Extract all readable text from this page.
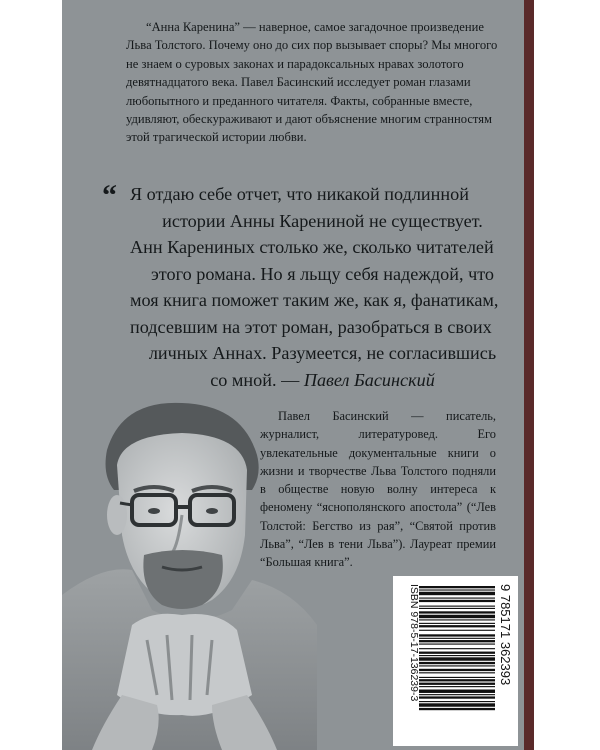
“Анна Каренина” — наверное, самое загадочное произведение Льва Толстого. Почему оно до сих пор вызывает споры? Мы многого не знаем о суровых законах и парадоксальных нравах золотого девятнадцатого века. Павел Басинский исследует роман глазами любопытного и преданного читателя. Факты, собранные вместе, удивляют, обескураживают и дают объяснение многим странностям этой трагической истории любви.

“ Я отдаю себе отчет, что никакой подлинной
истории Анны Карениной не существует.
Анн Карениных столько же, сколько читателей
этого романа. Но я льщу себя надеждой, что
моя книга поможет таким же, как я, фанатикам,
подсевшим на этот роман, разобраться в своих
личных Аннах. Разумеется, не согласившись
со мной. — Павел Басинский

Павел Басинский — писатель, журналист, литературовед. Его увлекательные документальные книги о жизни и творчестве Льва Толстого подняли в обществе новую волну интереса к феномену “яснополянского апостола” (“Лев Толстой: Бегство из рая”, “Святой против Льва”, “Лев в тени Льва”). Лауреат премии “Большая книга”.

ISBN 978-5-17-136239-3	9 785171 362393
